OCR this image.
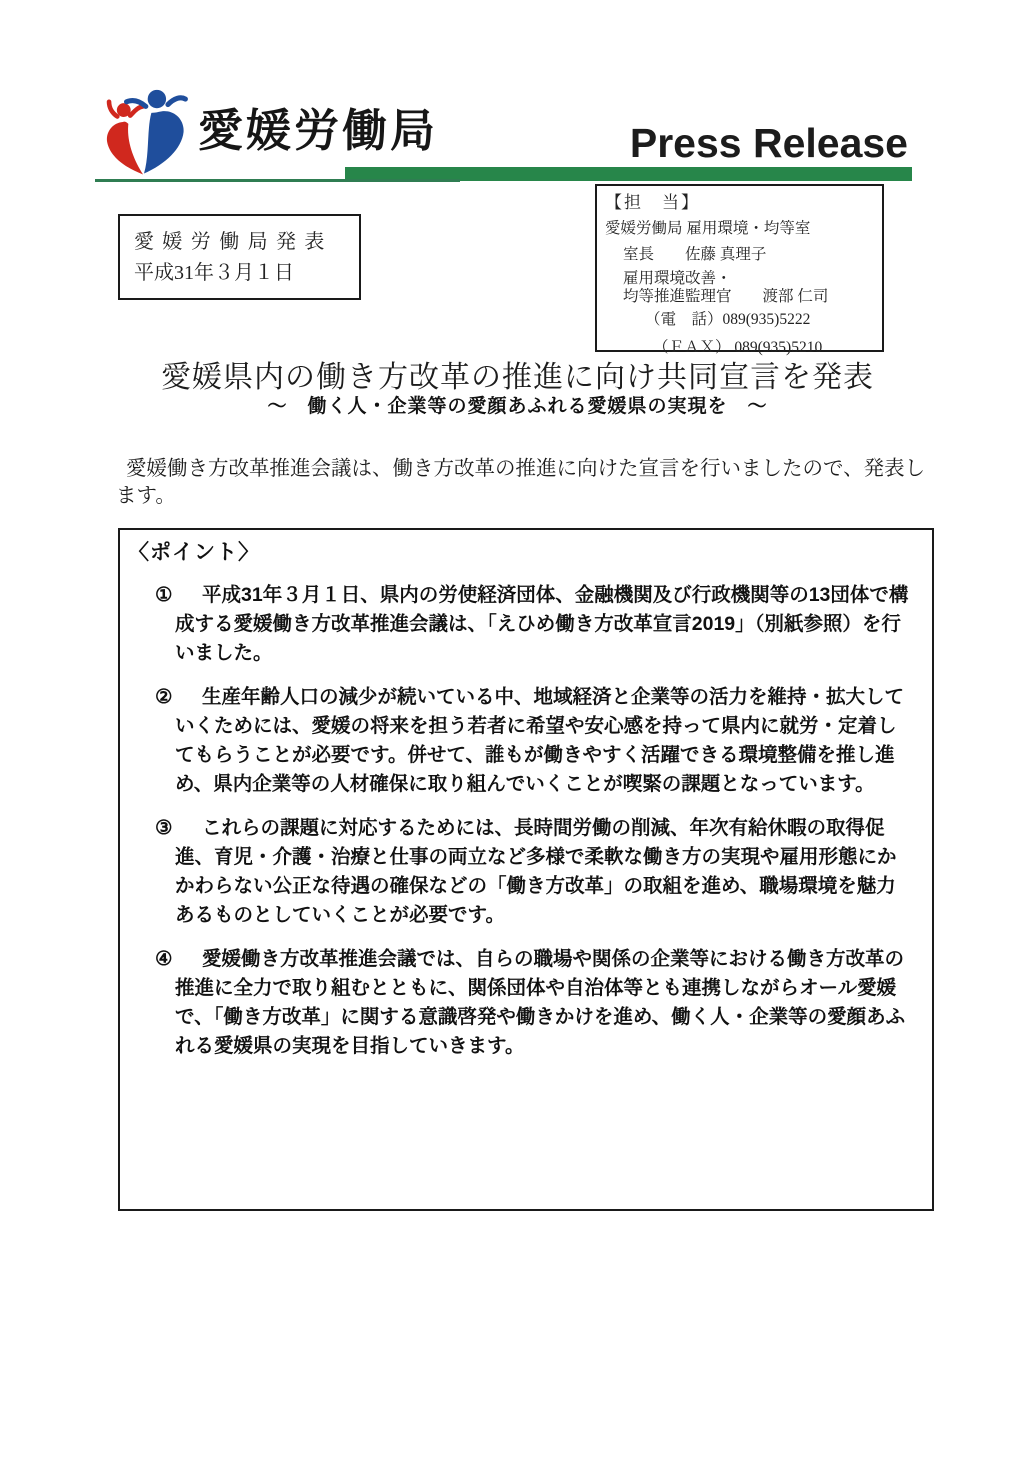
愛媛労働局	Press Release
愛媛労働局発表
平成31年３月１日
【担　当】
愛媛労働局 雇用環境・均等室
室長　　佐藤 真理子
雇用環境改善・
均等推進監理官　　渡部 仁司
（電　話）089(935)5222
（ＦＡＸ） 089(935)5210
愛媛県内の働き方改革の推進に向け共同宣言を発表
～　働く人・企業等の愛顔あふれる愛媛県の実現を　～
愛媛働き方改革推進会議は、働き方改革の推進に向けた宣言を行いましたので、発表します。
〈ポイント〉
① 平成31年３月１日、県内の労使経済団体、金融機関及び行政機関等の13団体で構成する愛媛働き方改革推進会議は、「えひめ働き方改革宣言2019」（別紙参照）を行いました。
② 生産年齢人口の減少が続いている中、地域経済と企業等の活力を維持・拡大していくためには、愛媛の将来を担う若者に希望や安心感を持って県内に就労・定着してもらうことが必要です。併せて、誰もが働きやすく活躍できる環境整備を推し進め、県内企業等の人材確保に取り組んでいくことが喫緊の課題となっています。
③ これらの課題に対応するためには、長時間労働の削減、年次有給休暇の取得促進、育児・介護・治療と仕事の両立など多様で柔軟な働き方の実現や雇用形態にかかわらない公正な待遇の確保などの「働き方改革」の取組を進め、職場環境を魅力あるものとしていくことが必要です。
④ 愛媛働き方改革推進会議では、自らの職場や関係の企業等における働き方改革の推進に全力で取り組むとともに、関係団体や自治体等とも連携しながらオール愛媛で、「働き方改革」に関する意識啓発や働きかけを進め、働く人・企業等の愛顔あふれる愛媛県の実現を目指していきます。
